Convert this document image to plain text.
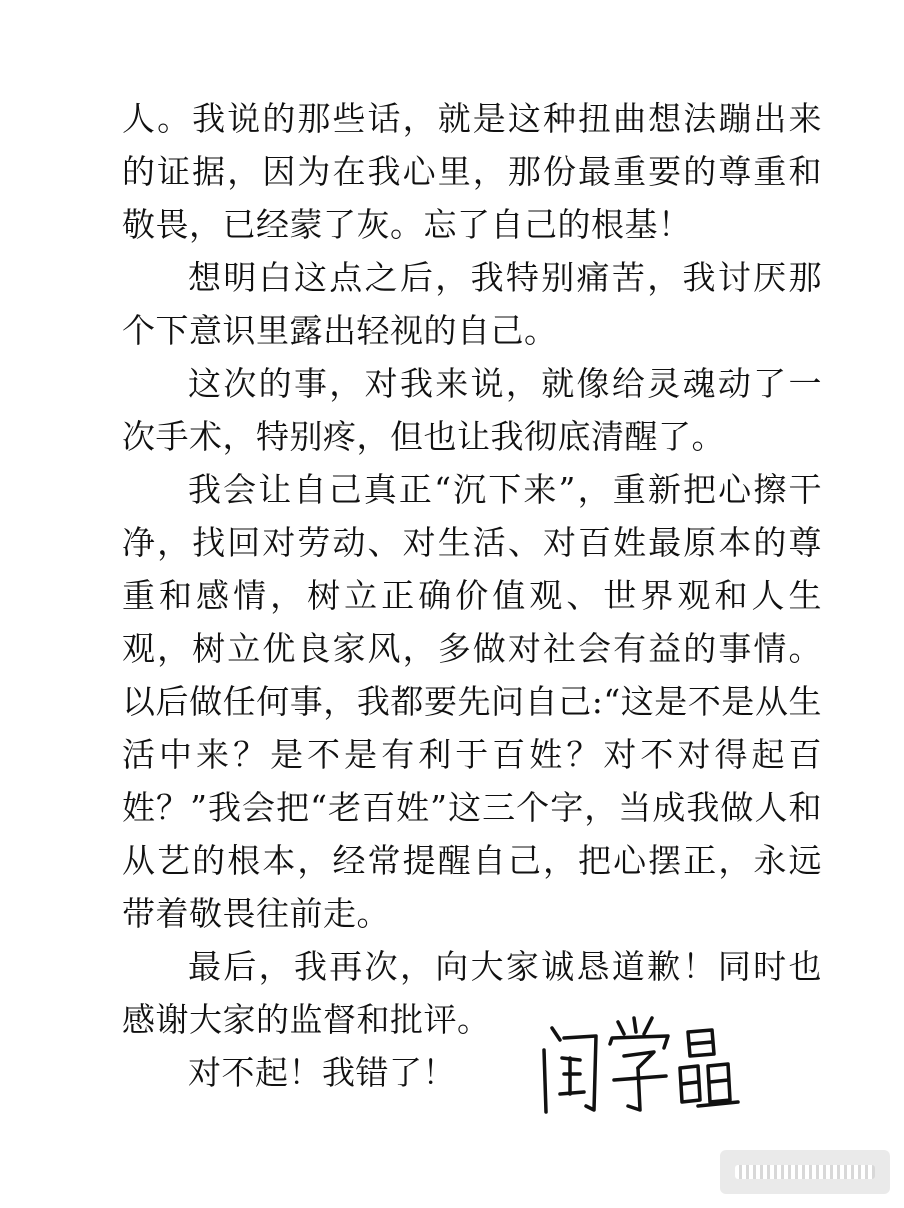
人。我说的那些话，就是这种扭曲想法蹦出来的证据，因为在我心里，那份最重要的尊重和敬畏，已经蒙了灰。忘了自己的根基！

想明白这点之后，我特别痛苦，我讨厌那个下意识里露出轻视的自己。

这次的事，对我来说，就像给灵魂动了一次手术，特别疼，但也让我彻底清醒了。

我会让自己真正“沉下来”，重新把心擦干净，找回对劳动、对生活、对百姓最原本的尊重和感情，树立正确价值观、世界观和人生观，树立优良家风，多做对社会有益的事情。以后做任何事，我都要先问自己:“这是不是从生活中来？是不是有利于百姓？对不对得起百姓？”我会把“老百姓”这三个字，当成我做人和从艺的根本，经常提醒自己，把心摆正，永远带着敬畏往前走。

最后，我再次，向大家诚恳道歉！同时也感谢大家的监督和批评。

对不起！我错了！
